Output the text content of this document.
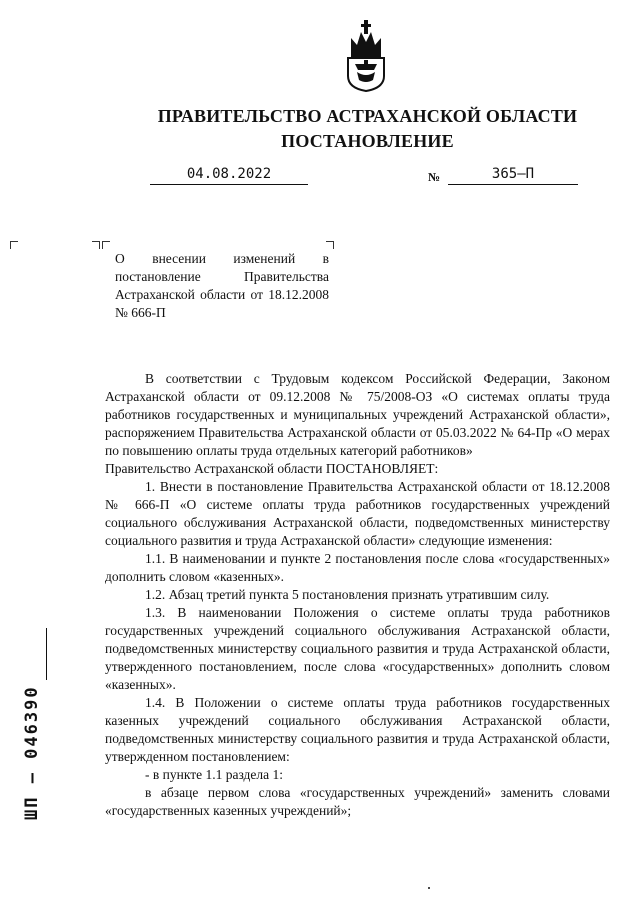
ПРАВИТЕЛЬСТВО АСТРАХАНСКОЙ ОБЛАСТИ
ПОСТАНОВЛЕНИЕ
04.08.2022	№	365–П
О внесении изменений в постановление Правительства Астраханской области от 18.12.2008 № 666-П

В соответствии с Трудовым кодексом Российской Федерации, Законом Астраханской области от 09.12.2008 № 75/2008-ОЗ «О системах оплаты труда работников государственных и муниципальных учреждений Астраханской области», распоряжением Правительства Астраханской области от 05.03.2022 № 64-Пр «О мерах по повышению оплаты труда отдельных категорий работников»

Правительство Астраханской области ПОСТАНОВЛЯЕТ:

1. Внести в постановление Правительства Астраханской области от 18.12.2008 № 666-П «О системе оплаты труда работников государственных учреждений социального обслуживания Астраханской области, подведомственных министерству социального развития и труда Астраханской области» следующие изменения:

1.1. В наименовании и пункте 2 постановления после слова «государственных» дополнить словом «казенных».

1.2. Абзац третий пункта 5 постановления признать утратившим силу.

1.3. В наименовании Положения о системе оплаты труда работников государственных учреждений социального обслуживания Астраханской области, подведомственных министерству социального развития и труда Астраханской области, утвержденного постановлением, после слова «государственных» дополнить словом «казенных».

1.4. В Положении о системе оплаты труда работников государственных казенных учреждений социального обслуживания Астраханской области, подведомственных министерству социального развития и труда Астраханской области, утвержденном постановлением:

- в пункте 1.1 раздела 1:

в абзаце первом слова «государственных учреждений» заменить словами «государственных казенных учреждений»;

ШП – 046390
